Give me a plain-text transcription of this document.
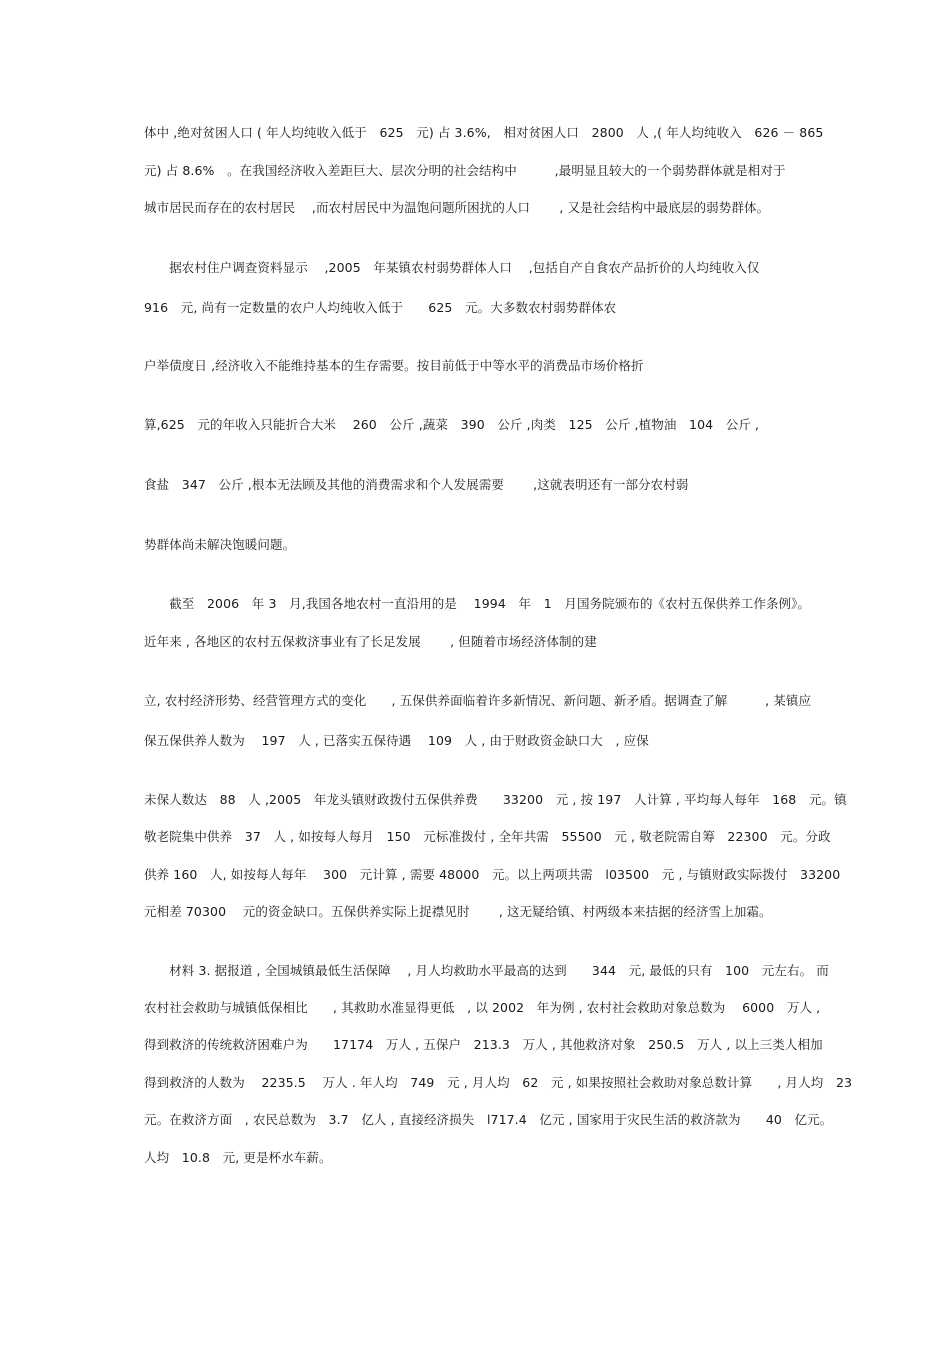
体中 ,绝对贫困人口 ( 年人均纯收入低于　625　元) 占 3.6%,　相对贫困人口　2800　人 ,( 年人均纯收入　626 － 865
元) 占 8.6%　。在我国经济收入差距巨大、层次分明的社会结构中　　　,最明显且较大的一个弱势群体就是相对于
城市居民而存在的农村居民　 ,而农村居民中为温饱问题所困扰的人口　　 , 又是社会结构中最底层的弱势群体。
　　据农村住户调查资料显示　 ,2005　年某镇农村弱势群体人口　 ,包括自产自食农产品折价的人均纯收入仅
916　元, 尚有一定数量的农户人均纯收入低于　　625　元。大多数农村弱势群体农
户举债度日 ,经济收入不能维持基本的生存需要。按目前低于中等水平的消费品市场价格折
算,625　元的年收入只能折合大米　 260　公斤 ,蔬菜　390　公斤 ,肉类　125　公斤 ,植物油　104　公斤 ,
食盐　347　公斤 ,根本无法顾及其他的消费需求和个人发展需要　　 ,这就表明还有一部分农村弱
势群体尚未解决饱暖问题。
　　截至　2006　年 3　月,我国各地农村一直沿用的是　 1994　年　1　月国务院颁布的《农村五保供养工作条例》。
近年来 , 各地区的农村五保救济事业有了长足发展　　 , 但随着市场经济体制的建
立, 农村经济形势、经营管理方式的变化　　, 五保供养面临着许多新情况、新问题、新矛盾。据调查了解　　　, 某镇应
保五保供养人数为　 197　人 , 已落实五保待遇　 109　人 , 由于财政资金缺口大　, 应保
未保人数达　88　人 ,2005　年龙头镇财政拨付五保供养费　　33200　元 , 按 197　人计算 , 平均每人每年　168　元。镇
敬老院集中供养　37　人 , 如按每人每月　150　元标准拨付 , 全年共需　55500　元 , 敬老院需自筹　22300　元。分政
供养 160　人, 如按每人每年　 300　元计算 , 需要 48000　元。以上两项共需　l03500　元 , 与镇财政实际拨付　33200
元相差 70300　 元的资金缺口。五保供养实际上捉襟见肘　　 , 这无疑给镇、村两级本来拮据的经济雪上加霜。
　　材料 3. 据报道 , 全国城镇最低生活保障　 , 月人均救助水平最高的达到　　344　元, 最低的只有　100　元左右。 而
农村社会救助与城镇低保相比　　, 其救助水准显得更低　, 以 2002　年为例 , 农村社会救助对象总数为　 6000　万人 ,
得到救济的传统救济困难户为　　17174　万人 , 五保户　213.3　万人 , 其他救济对象　250.5　万人 , 以上三类人相加
得到救济的人数为　 2235.5　 万人 . 年人均　749　元 , 月人均　62　元 , 如果按照社会救助对象总数计算　　, 月人均　23
元。在救济方面　, 农民总数为　3.7　亿人 , 直接经济损失　l717.4　亿元 , 国家用于灾民生活的救济款为　　40　亿元。
人均　10.8　元, 更是杯水车薪。
